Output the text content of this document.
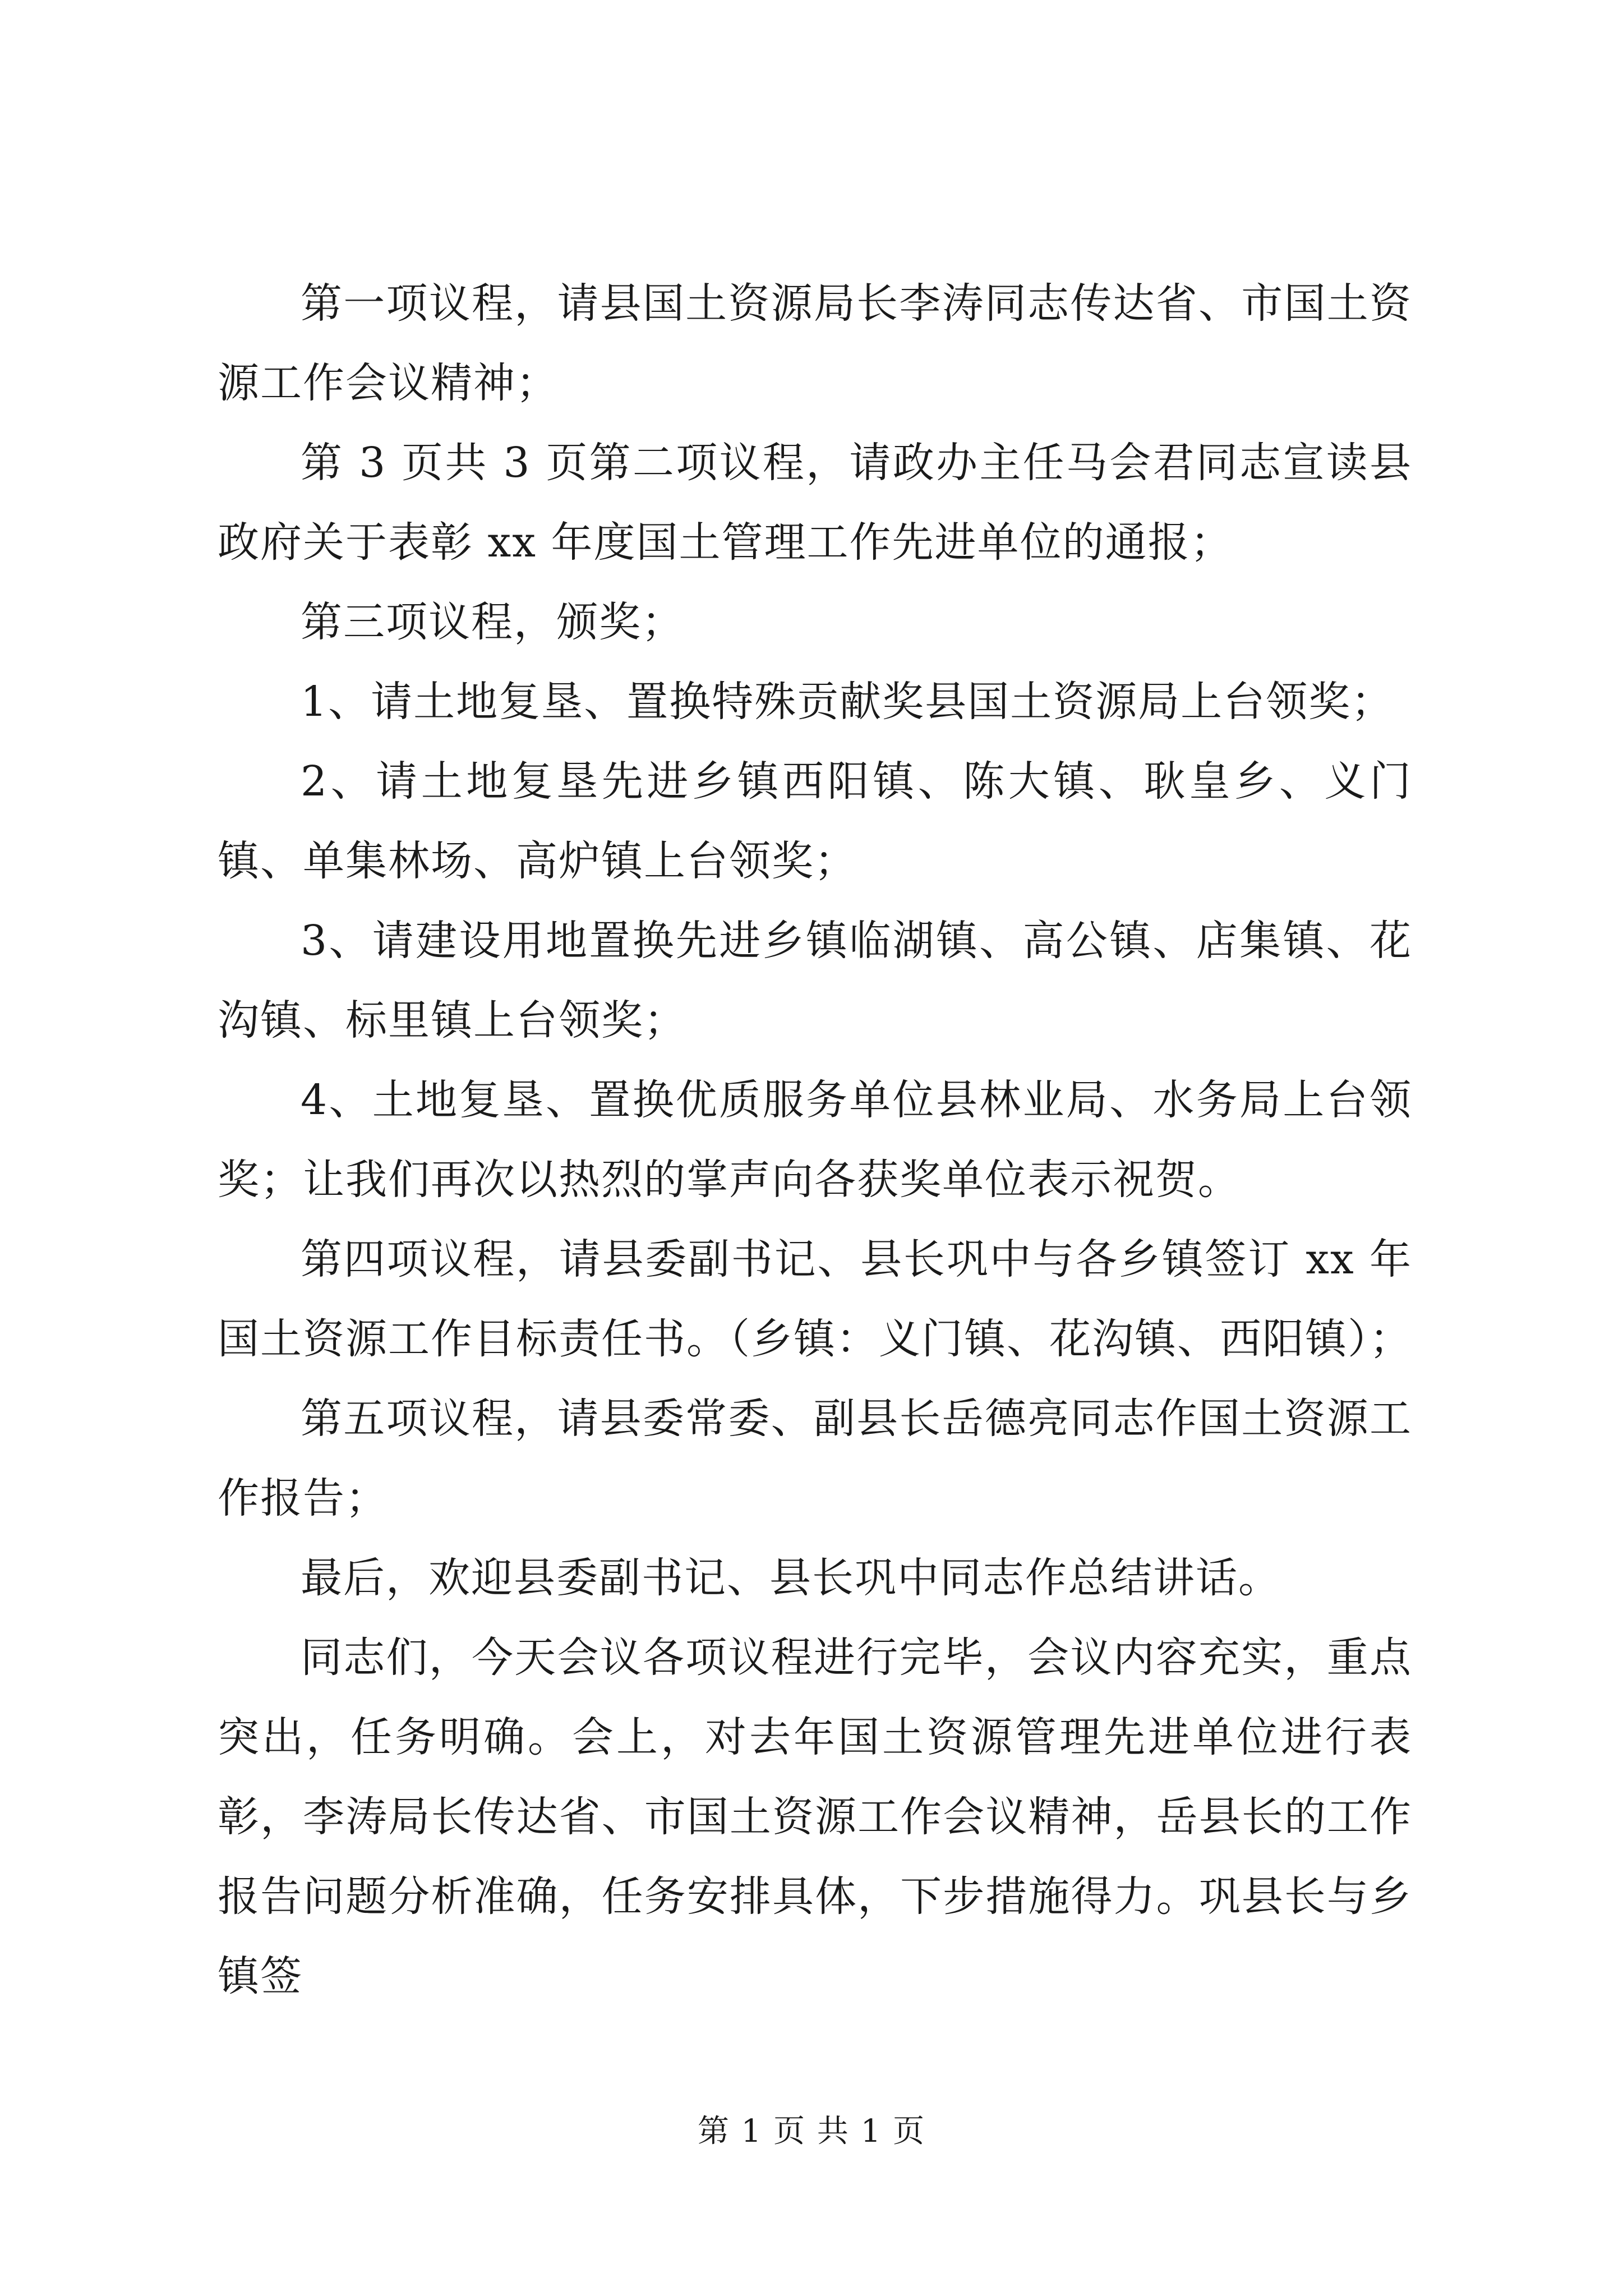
第一项议程，请县国土资源局长李涛同志传达省、市国土资源工作会议精神；

第 3 页共 3 页第二项议程，请政办主任马会君同志宣读县政府关于表彰 xx 年度国土管理工作先进单位的通报；

第三项议程，颁奖；

1、请土地复垦、置换特殊贡献奖县国土资源局上台领奖；

2、请土地复垦先进乡镇西阳镇、陈大镇、耿皇乡、义门镇、单集林场、高炉镇上台领奖；

3、请建设用地置换先进乡镇临湖镇、高公镇、店集镇、花沟镇、标里镇上台领奖；

4、土地复垦、置换优质服务单位县林业局、水务局上台领奖；让我们再次以热烈的掌声向各获奖单位表示祝贺。

第四项议程，请县委副书记、县长巩中与各乡镇签订 xx 年国土资源工作目标责任书。（乡镇：义门镇、花沟镇、西阳镇）；

第五项议程，请县委常委、副县长岳德亮同志作国土资源工作报告；

最后，欢迎县委副书记、县长巩中同志作总结讲话。

同志们，今天会议各项议程进行完毕，会议内容充实，重点突出，任务明确。会上，对去年国土资源管理先进单位进行表彰，李涛局长传达省、市国土资源工作会议精神，岳县长的工作报告问题分析准确，任务安排具体，下步措施得力。巩县长与乡镇签

第 1 页 共 1 页
